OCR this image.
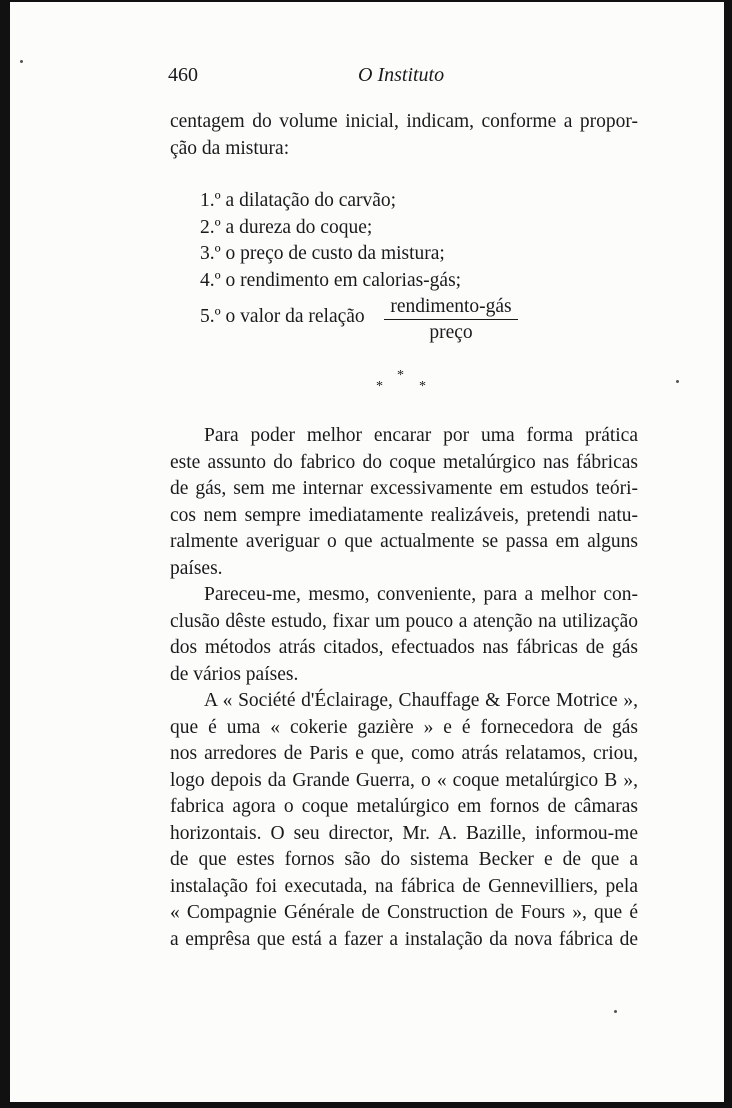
460	O Instituto
centagem do volume inicial, indicam, conforme a propor-
ção da mistura:
1.º a dilatação do carvão;
2.º a dureza do coque;
3.º o preço de custo da mistura;
4.º o rendimento em calorias-gás;
5.º o valor da relação	rendimento-gás
preço
*
*	*
Para poder melhor encarar por uma forma prática
este assunto do fabrico do coque metalúrgico nas fábricas
de gás, sem me internar excessivamente em estudos teóri-
cos nem sempre imediatamente realizáveis, pretendi natu-
ralmente averiguar o que actualmente se passa em alguns
países.
Pareceu-me, mesmo, conveniente, para a melhor con-
clusão dêste estudo, fixar um pouco a atenção na utilização
dos métodos atrás citados, efectuados nas fábricas de gás
de vários países.
A « Société d'Éclairage, Chauffage & Force Motrice »,
que é uma « cokerie gazière » e é fornecedora de gás
nos arredores de Paris e que, como atrás relatamos, criou,
logo depois da Grande Guerra, o « coque metalúrgico B »,
fabrica agora o coque metalúrgico em fornos de câmaras
horizontais. O seu director, Mr. A. Bazille, informou-me
de que estes fornos são do sistema Becker e de que a
instalação foi executada, na fábrica de Gennevilliers, pela
« Compagnie Générale de Construction de Fours », que é
a emprêsa que está a fazer a instalação da nova fábrica de
